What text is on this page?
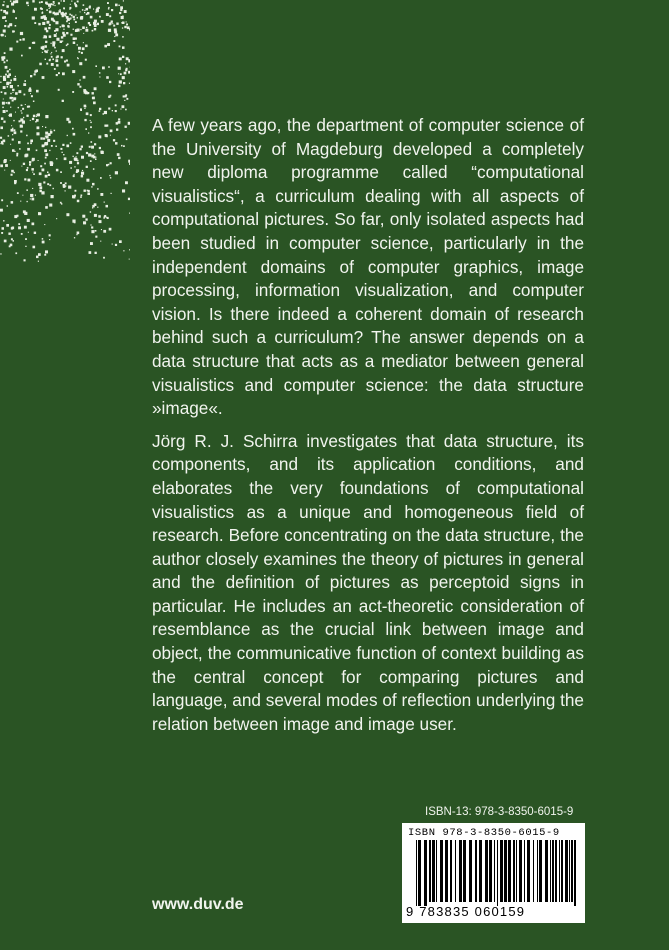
A few years ago, the department of computer science of the University of Magdeburg developed a completely new diploma programme called “computational visualistics“, a curriculum dealing with all aspects of computational pictures. So far, only isolated aspects had been studied in computer science, particularly in the independent domains of computer graphics, image processing, information visualization, and computer vision. Is there indeed a coherent domain of research behind such a curriculum? The answer depends on a data structure that acts as a mediator between general visualistics and computer science: the data structure »image«.

Jörg R. J. Schirra investigates that data structure, its components, and its application conditions, and elaborates the very foundations of computational visualistics as a unique and homogeneous field of research. Before concentrating on the data structure, the author closely examines the theory of pictures in general and the definition of pictures as perceptoid signs in particular. He includes an act-theoretic consideration of resemblance as the crucial link between image and object, the communicative function of context building as the central concept for comparing pictures and language, and several modes of reflection underlying the relation between image and image user.

ISBN-13: 978-3-8350-6015-9
ISBN 978-3-8350-6015-9
9 783835 060159
www.duv.de
